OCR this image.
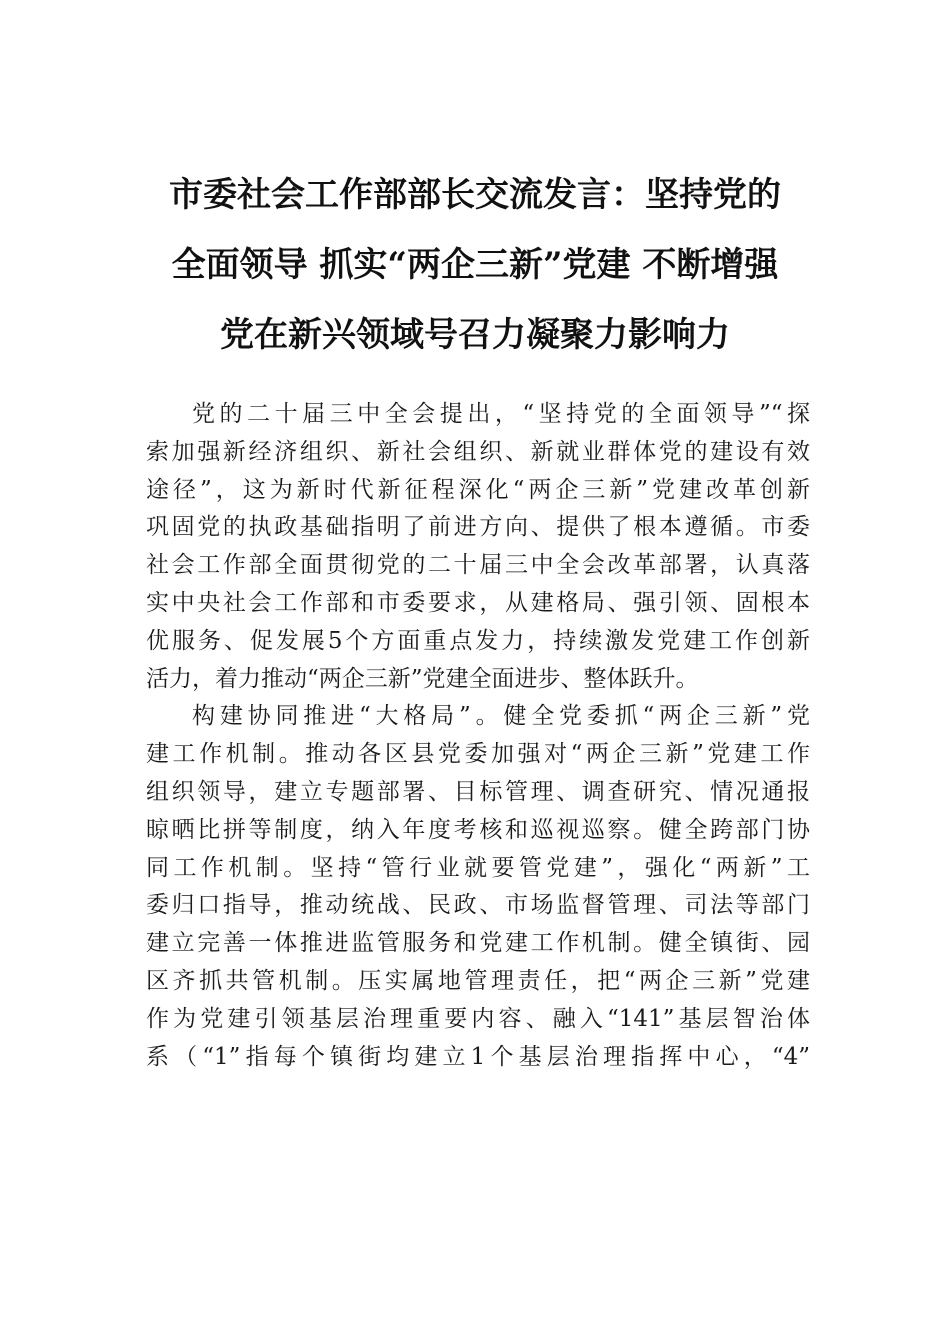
市委社会工作部部长交流发言：坚持党的
全面领导 抓实“两企三新”党建 不断增强
党在新兴领域号召力凝聚力影响力
党的二十届三中全会提出，“坚持党的全面领导”“探
索加强新经济组织、新社会组织、新就业群体党的建设有效
途径”，这为新时代新征程深化“两企三新”党建改革创新
巩固党的执政基础指明了前进方向、提供了根本遵循。市委
社会工作部全面贯彻党的二十届三中全会改革部署，认真落
实中央社会工作部和市委要求，从建格局、强引领、固根本
优服务、促发展5个方面重点发力，持续激发党建工作创新
活力，着力推动“两企三新”党建全面进步、整体跃升。
构建协同推进“大格局”。健全党委抓“两企三新”党
建工作机制。推动各区县党委加强对“两企三新”党建工作
组织领导，建立专题部署、目标管理、调查研究、情况通报
晾晒比拼等制度，纳入年度考核和巡视巡察。健全跨部门协
同工作机制。坚持“管行业就要管党建”，强化“两新”工
委归口指导，推动统战、民政、市场监督管理、司法等部门
建立完善一体推进监管服务和党建工作机制。健全镇街、园
区齐抓共管机制。压实属地管理责任，把“两企三新”党建
作为党建引领基层治理重要内容、融入“141”基层智治体
系（“1”指每个镇街均建立1个基层治理指挥中心，“4”
